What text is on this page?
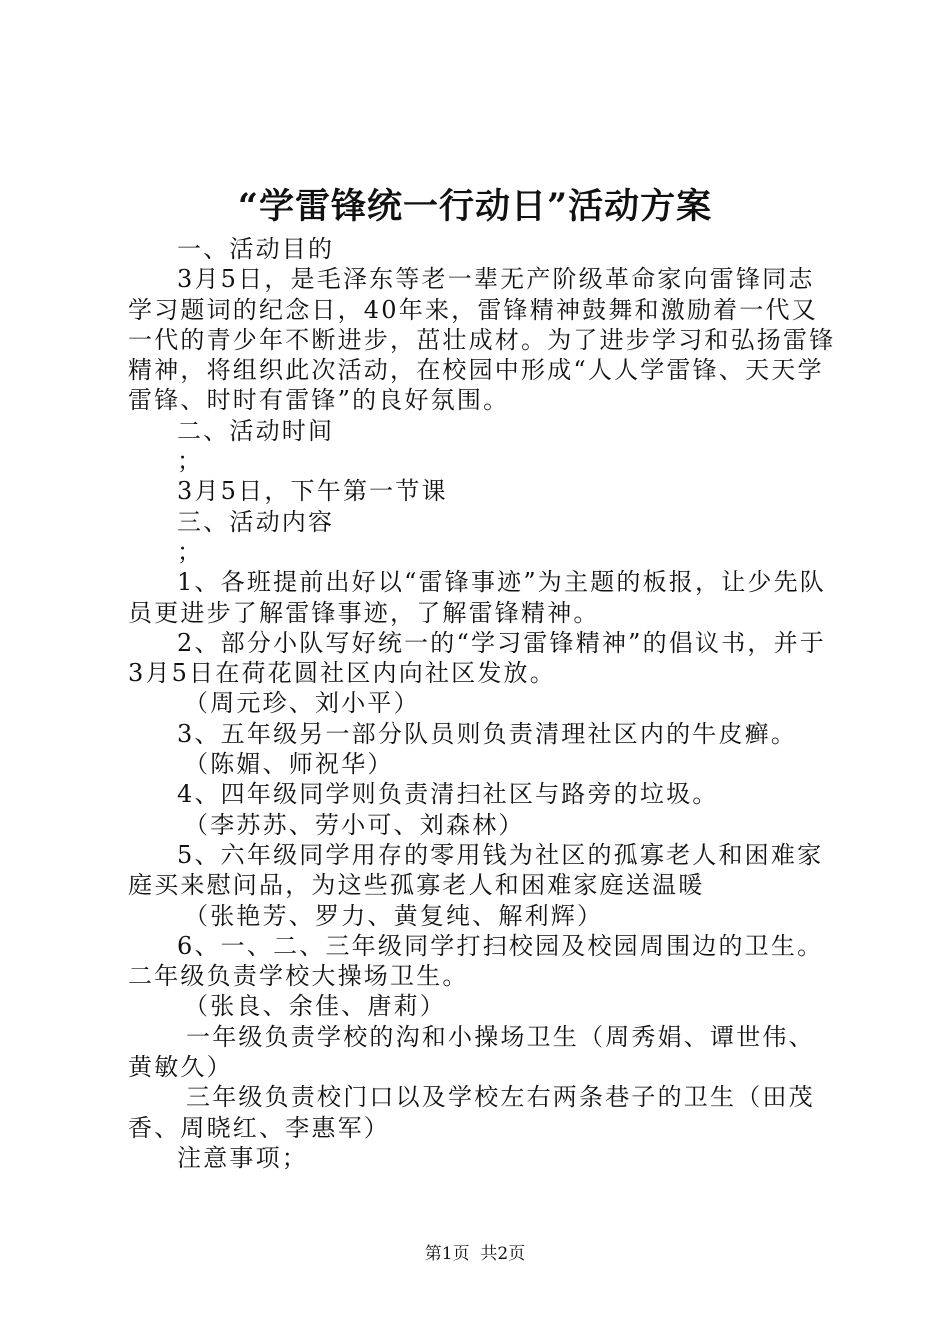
“学雷锋统一行动日”活动方案

一、活动目的

3月5日，是毛泽东等老一辈无产阶级革命家向雷锋同志学习题词的纪念日，40年来，雷锋精神鼓舞和激励着一代又一代的青少年不断进步，茁壮成材。为了进步学习和弘扬雷锋精神，将组织此次活动，在校园中形成“人人学雷锋、天天学雷锋、时时有雷锋”的良好氛围。

二、活动时间

；

3月5日，下午第一节课

三、活动内容

；

1、各班提前出好以“雷锋事迹”为主题的板报，让少先队员更进步了解雷锋事迹，了解雷锋精神。

2、部分小队写好统一的“学习雷锋精神”的倡议书，并于3月5日在荷花圆社区内向社区发放。

（周元珍、刘小平）

3、五年级另一部分队员则负责清理社区内的牛皮癣。

（陈媚、师祝华）

4、四年级同学则负责清扫社区与路旁的垃圾。

（李苏苏、劳小可、刘森林）

5、六年级同学用存的零用钱为社区的孤寡老人和困难家庭买来慰问品，为这些孤寡老人和困难家庭送温暖

（张艳芳、罗力、黄复纯、解利辉）

6、一、二、三年级同学打扫校园及校园周围边的卫生。二年级负责学校大操场卫生。

（张良、余佳、唐莉）

一年级负责学校的沟和小操场卫生（周秀娟、谭世伟、黄敏久）

三年级负责校门口以及学校左右两条巷子的卫生（田茂香、周晓红、李惠军）

注意事项；

第1页  共2页
